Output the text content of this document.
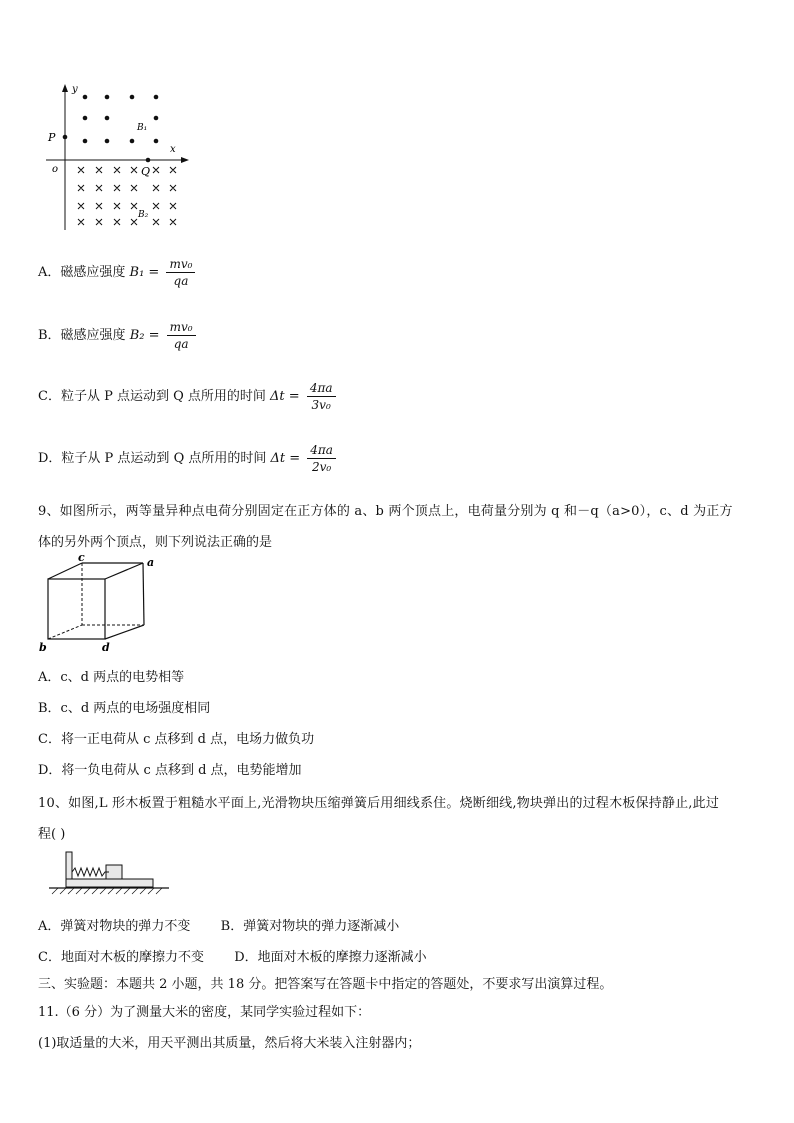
y
x
o
P
Q
B₁
B₂
A．磁感应强度 $B_1 = \frac{\text{mv₀}}{qa}$
B．磁感应强度 $B_2 = \frac{\text{mv₀}}{qa}$
C．粒子从 P 点运动到 Q 点所用的时间 $\Delta t = \frac{4\pi a}{\text{3v₀}}$
D．粒子从 P 点运动到 Q 点所用的时间 $\Delta t = \frac{4\pi a}{\text{2v₀}}$
9、如图所示，两等量异种点电荷分别固定在正方体的 a、b 两个顶点上，电荷量分别为 q 和－q（a>0），c、d 为正方
体的另外两个顶点，则下列说法正确的是
c	a
b	d
A．c、d 两点的电势相等
B．c、d 两点的电场强度相同
C．将一正电荷从 c 点移到 d 点，电场力做负功
D．将一负电荷从 c 点移到 d 点，电势能增加
10、如图,L 形木板置于粗糙水平面上,光滑物块压缩弹簧后用细线系住。烧断细线,物块弹出的过程木板保持静止,此过
程( )
A．弹簧对物块的弹力不变 B．弹簧对物块的弹力逐渐减小
C．地面对木板的摩擦力不变 D．地面对木板的摩擦力逐渐减小
三、实验题：本题共 2 小题，共 18 分。把答案写在答题卡中指定的答题处，不要求写出演算过程。
11.（6 分）为了测量大米的密度，某同学实验过程如下：
(1)取适量的大米，用天平测出其质量，然后将大米装入注射器内；
